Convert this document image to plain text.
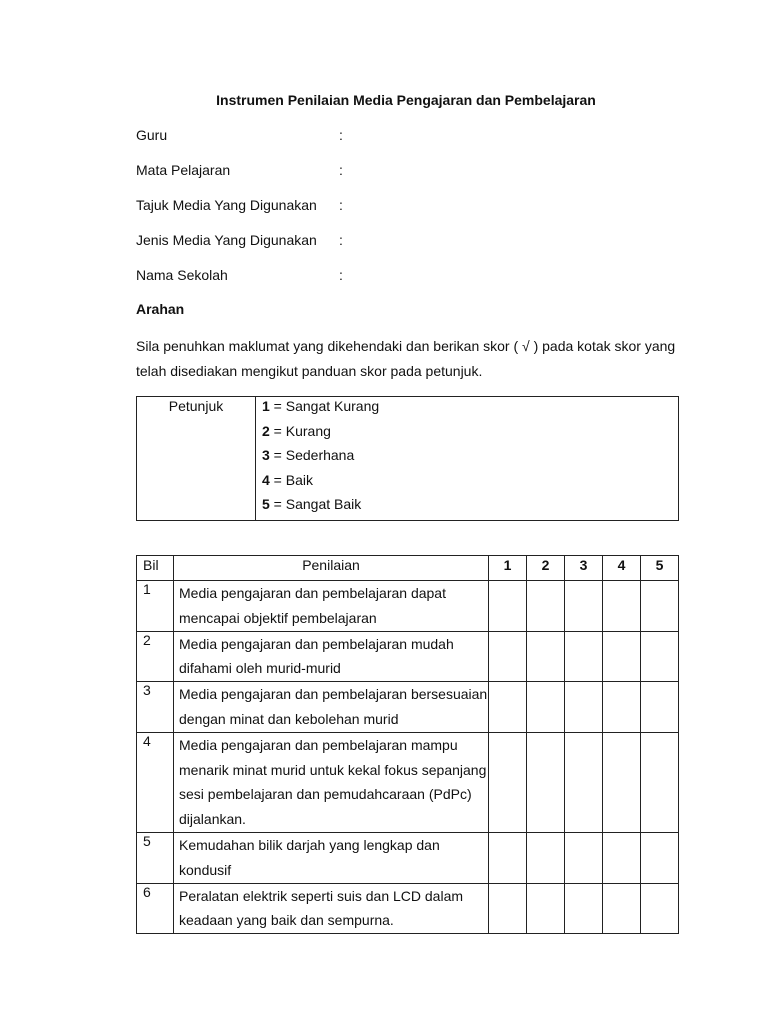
Instrumen Penilaian Media Pengajaran dan Pembelajaran
Guru	:
Mata Pelajaran	:
Tajuk Media Yang Digunakan :
Jenis Media Yang Digunakan :
Nama Sekolah	:
Arahan
Sila penuhkan maklumat yang dikehendaki dan berikan skor ( √ ) pada kotak skor yang
telah disediakan mengikut panduan skor pada petunjuk.
Petunjuk	1 = Sangat Kurang
2 = Kurang
3 = Sederhana
4 = Baik
5 = Sangat Baik
Bil	Penilaian	1	2	3	4	5
1	Media pengajaran dan pembelajaran dapat
mencapai objektif pembelajaran					

2	Media pengajaran dan pembelajaran mudah
difahami oleh murid-murid					

3	Media pengajaran dan pembelajaran bersesuaian
dengan minat dan kebolehan murid					

4	Media pengajaran dan pembelajaran mampu
menarik minat murid untuk kekal fokus sepanjang
sesi pembelajaran dan pemudahcaraan (PdPc)
dijalankan.					

5	Kemudahan bilik darjah yang lengkap dan
kondusif					

6	Peralatan elektrik seperti suis dan LCD dalam
keadaan yang baik dan sempurna.					
